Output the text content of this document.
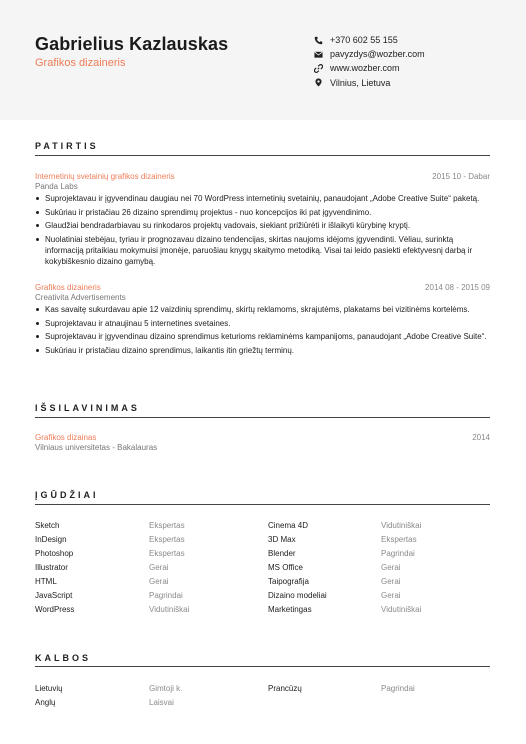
Gabrielius Kazlauskas
Grafikos dizaineris
+370 602 55 155
pavyzdys@wozber.com
www.wozber.com
Vilnius, Lietuva
PATIRTIS
Internetinių svetainių grafikos dizaineris	2015 10 - Dabar
Panda Labs
Suprojektavau ir įgyvendinau daugiau nei 70 WordPress internetinių svetainių, panaudojant „Adobe Creative Suite“ paketą.
Sukūriau ir pristačiau 26 dizaino sprendimų projektus - nuo koncepcijos iki pat įgyvendinimo.
Glaudžiai bendradarbiavau su rinkodaros projektų vadovais, siekiant prižiūrėti ir išlaikyti kūrybinę kryptį.
Nuolatiniai stebėjau, tyriau ir prognozavau dizaino tendencijas, skirtas naujoms idėjoms įgyvendinti. Vėliau, surinktą informaciją pritaikiau mokymuisi įmonėje, paruošiau knygų skaitymo metodiką. Visai tai leido pasiekti efektyvesnį darbą ir kokybiškesnio dizaino gamybą.
Grafikos dizaineris	2014 08 - 2015 09
Creativita Advertisements
Kas savaitę sukurdavau apie 12 vaizdinių sprendimų, skirtų reklamoms, skrajutėms, plakatams bei vizitinėms kortelėms.
Suprojektavau ir atnaujinau 5 internetines svetaines.
Suprojektavau ir įgyvendinau dizaino sprendimus keturioms reklaminėms kampanijoms, panaudojant „Adobe Creative Suite“.
Sukūriau ir pristačiau dizaino sprendimus, laikantis itin griežtų terminų.
IŠSILAVINIMAS
Grafikos dizainas	2014
Vilniaus universitetas - Bakalauras
ĮGŪDŽIAI
Sketch	Ekspertas	Cinema 4D	Vidutiniškai
InDesign	Ekspertas	3D Max	Ekspertas
Photoshop	Ekspertas	Blender	Pagrindai
Illustrator	Gerai	MS Office	Gerai
HTML	Gerai	Taipografija	Gerai
JavaScript	Pagrindai	Dizaino modeliai	Gerai
WordPress	Vidutiniškai	Marketingas	Vidutiniškai
KALBOS
Lietuvių	Gimtoji k.	Prancūzų	Pagrindai
Anglų	Laisvai
